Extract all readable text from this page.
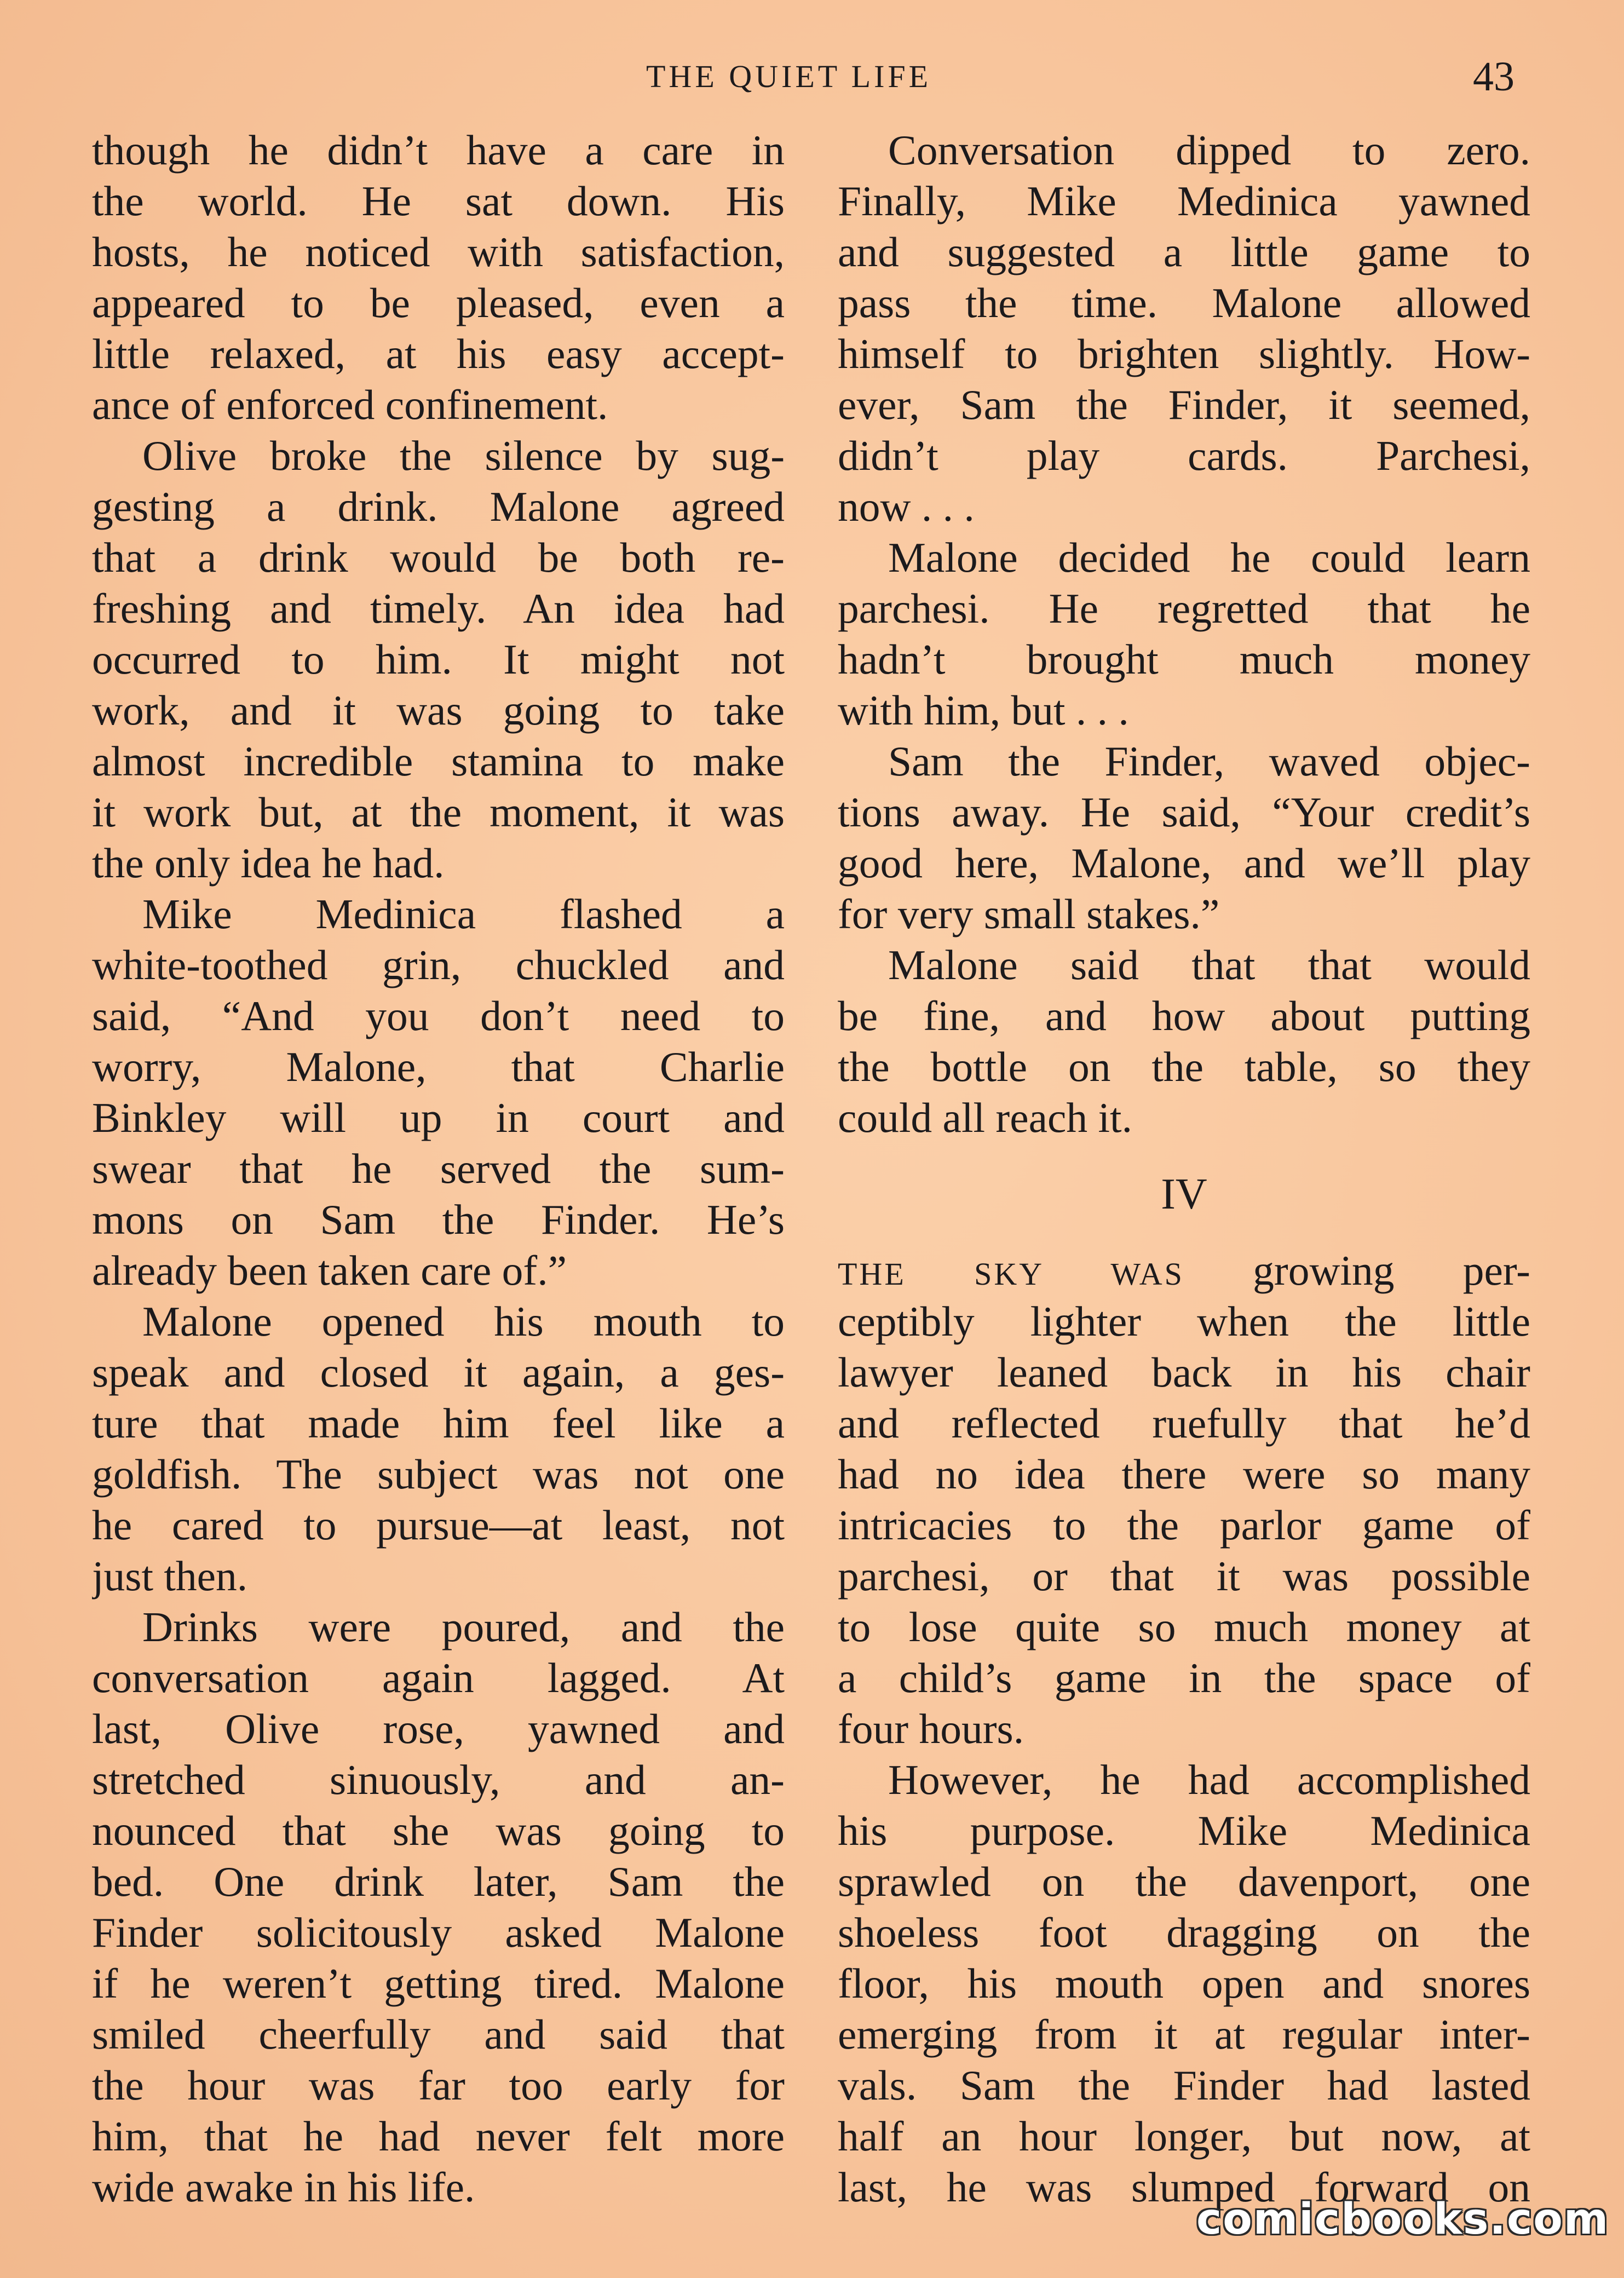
THE QUIET LIFE	43
though he didn’t have a care in
the world. He sat down. His
hosts, he noticed with satisfaction,
appeared to be pleased, even a
little relaxed, at his easy accept-
ance of enforced confinement.
Olive broke the silence by sug-
gesting a drink. Malone agreed
that a drink would be both re-
freshing and timely. An idea had
occurred to him. It might not
work, and it was going to take
almost incredible stamina to make
it work but, at the moment, it was
the only idea he had.
Mike Medinica flashed a
white-toothed grin, chuckled and
said, “And you don’t need to
worry, Malone, that Charlie
Binkley will up in court and
swear that he served the sum-
mons on Sam the Finder. He’s
already been taken care of.”
Malone opened his mouth to
speak and closed it again, a ges-
ture that made him feel like a
goldfish. The subject was not one
he cared to pursue—at least, not
just then.
Drinks were poured, and the
conversation again lagged. At
last, Olive rose, yawned and
stretched sinuously, and an-
nounced that she was going to
bed. One drink later, Sam the
Finder solicitously asked Malone
if he weren’t getting tired. Malone
smiled cheerfully and said that
the hour was far too early for
him, that he had never felt more
wide awake in his life.
Conversation dipped to zero.
Finally, Mike Medinica yawned
and suggested a little game to
pass the time. Malone allowed
himself to brighten slightly. How-
ever, Sam the Finder, it seemed,
didn’t play cards. Parchesi,
now . . .
Malone decided he could learn
parchesi. He regretted that he
hadn’t brought much money
with him, but . . .
Sam the Finder, waved objec-
tions away. He said, “Your credit’s
good here, Malone, and we’ll play
for very small stakes.”
Malone said that that would
be fine, and how about putting
the bottle on the table, so they
could all reach it.
IV
THE SKY WAS growing per-
ceptibly lighter when the little
lawyer leaned back in his chair
and reflected ruefully that he’d
had no idea there were so many
intricacies to the parlor game of
parchesi, or that it was possible
to lose quite so much money at
a child’s game in the space of
four hours.
However, he had accomplished
his purpose. Mike Medinica
sprawled on the davenport, one
shoeless foot dragging on the
floor, his mouth open and snores
emerging from it at regular inter-
vals. Sam the Finder had lasted
half an hour longer, but now, at
last, he was slumped forward on
comicbooks.com
